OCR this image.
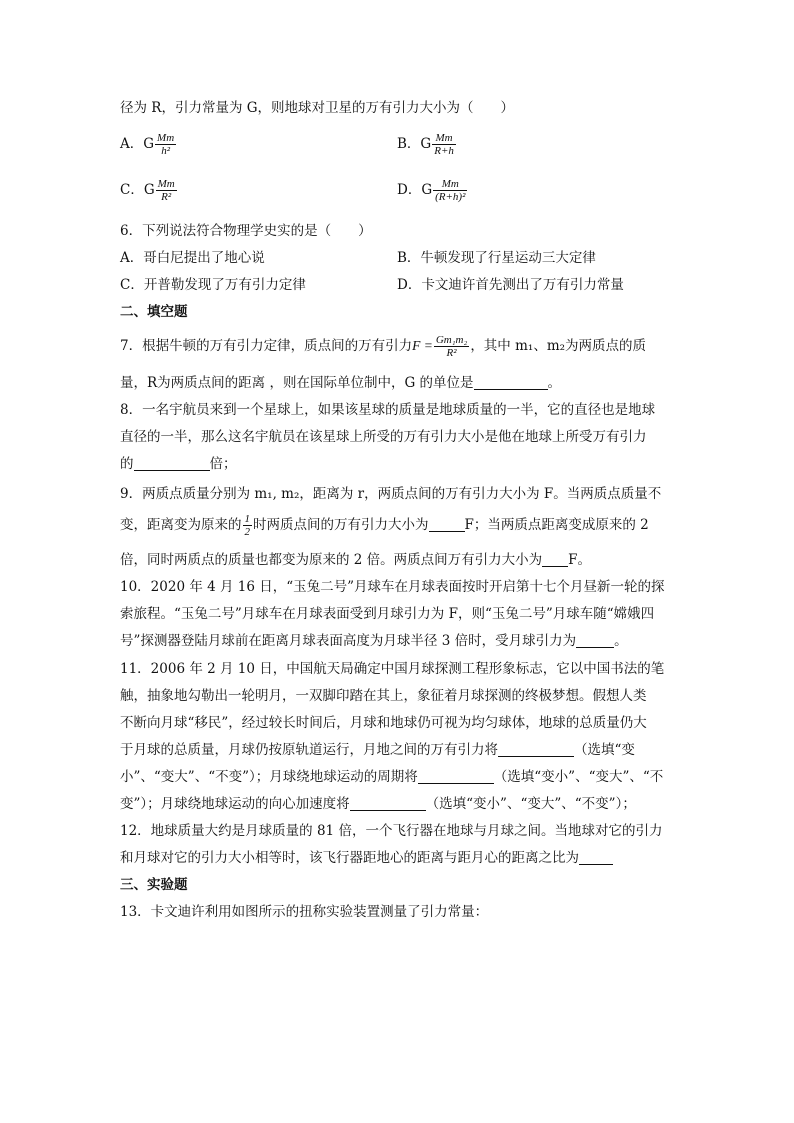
径为 R，引力常量为 G，则地球对卫星的万有引力大小为（　　）
A．G $\frac{Mm}{\text{h²}}$	B．G $\frac{Mm}{R+h}$
C．G $\frac{Mm}{\text{R²}}$	D．G $\frac{Mm}{\text{(R+h)²}}$
6．下列说法符合物理学史实的是（　　）
A．哥白尼提出了地心说	B．牛顿发现了行星运动三大定律
C．开普勒发现了万有引力定律	D．卡文迪许首先测出了万有引力常量
二、填空题
7．根据牛顿的万有引力定律，质点间的万有引力$F = \frac{\text{Gm₁m₂}}{\text{R²}}$ ，其中 m₁、m₂为两质点的质
量，R为两质点间的距离 ，则在国际单位制中，G 的单位是	。
8．一名宇航员来到一个星球上，如果该星球的质量是地球质量的一半，它的直径也是地球
直径的一半，那么这名宇航员在该星球上所受的万有引力大小是他在地球上所受万有引力
的	倍；
9．两质点质量分别为 m₁, m₂，距离为 r，两质点间的万有引力大小为 F。当两质点质量不
变，距离变为原来的 $\frac{1}{2}$ 时两质点间的万有引力大小为	F；当两质点距离变成原来的 2
倍，同时两质点的质量也都变为原来的 2 倍。两质点间万有引力大小为 F。
10．2020 年 4 月 16 日，“玉兔二号”月球车在月球表面按时开启第十七个月昼新一轮的探
索旅程。“玉兔二号”月球车在月球表面受到月球引力为 F，则“玉兔二号”月球车随“嫦娥四
号”探测器登陆月球前在距离月球表面高度为月球半径 3 倍时，受月球引力为	。
11．2006 年 2 月 10 日，中国航天局确定中国月球探测工程形象标志，它以中国书法的笔
触，抽象地勾勒出一轮明月，一双脚印踏在其上，象征着月球探测的终极梦想。假想人类
不断向月球“移民”，经过较长时间后，月球和地球仍可视为均匀球体，地球的总质量仍大
于月球的总质量，月球仍按原轨道运行，月地之间的万有引力将	（选填“变
小”、“变大”、“不变”）；月球绕地球运动的周期将	（选填“变小”、“变大”、“不
变”）；月球绕地球运动的向心加速度将	（选填“变小”、“变大”、“不变”）；
12．地球质量大约是月球质量的 81 倍，一个飞行器在地球与月球之间。当地球对它的引力
和月球对它的引力大小相等时，该飞行器距地心的距离与距月心的距离之比为
三、实验题
13．卡文迪许利用如图所示的扭称实验装置测量了引力常量：
